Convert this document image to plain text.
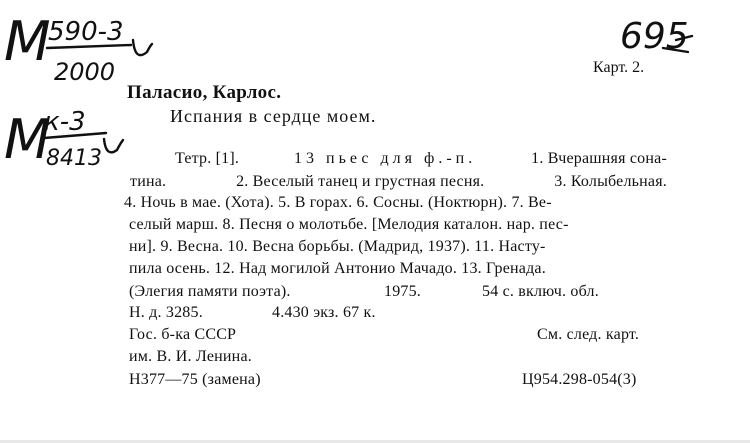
M
590-3
2000
M
к-3
8413
695
Карт. 2.
Паласио, Карлос.
Испания в сердце моем.
Тетр. [1].	13 пьес для ф.-п.	1. Вчерашняя сона-
тина.	2. Веселый танец и грустная песня.	3. Колыбельная.
4. Ночь в мае. (Хота). 5. В горах. 6. Сосны. (Ноктюрн). 7. Ве-
селый марш. 8. Песня о молотьбе. [Мелодия каталон. нар. пес-
ни]. 9. Весна. 10. Весна борьбы. (Мадрид, 1937). 11. Насту-
пила осень. 12. Над могилой Антонио Мачадо. 13. Гренада.
(Элегия памяти поэта).	1975.	54 с. включ. обл.
Н. д. 3285.	4.430 экз. 67 к.
Гос. б-ка СССР	См. след. карт.
им. В. И. Ленина.
Н377—75 (замена)	Ц954.298-054(3)
